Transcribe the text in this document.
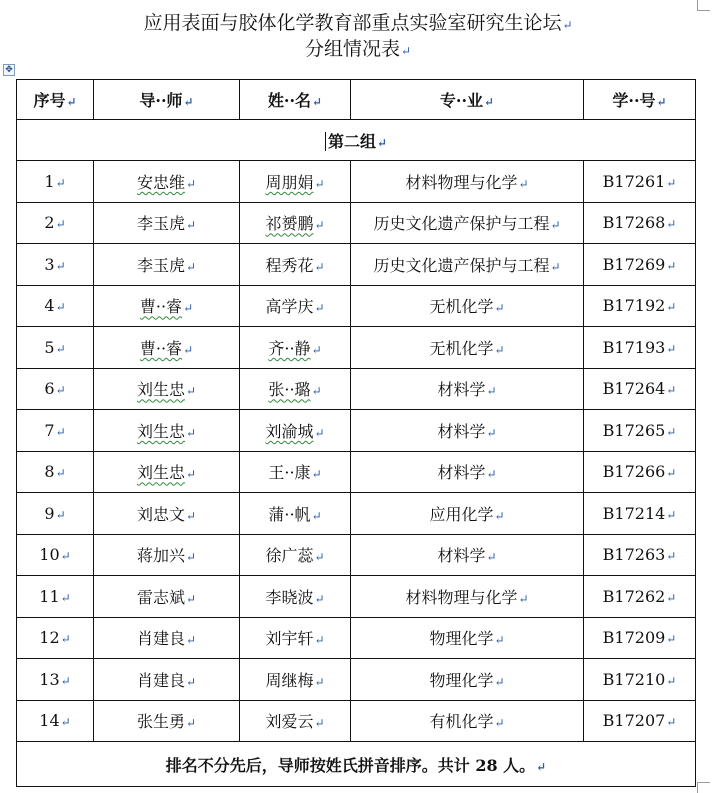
应用表面与胶体化学教育部重点实验室研究生论坛↵
分组情况表↵
✥
序号↵	导··师↵	姓··名↵	专··业↵	学··号↵
第二组↵				
1↵	安忠维↵	周朋娟↵	材料物理与化学↵	B17261↵
2↵	李玉虎↵	祁赟鹏↵	历史文化遗产保护与工程↵	B17268↵
3↵	李玉虎↵	程秀花↵	历史文化遗产保护与工程↵	B17269↵
4↵	曹··睿↵	高学庆↵	无机化学↵	B17192↵
5↵	曹··睿↵	齐··静↵	无机化学↵	B17193↵
6↵	刘生忠↵	张··璐↵	材料学↵	B17264↵
7↵	刘生忠↵	刘渝城↵	材料学↵	B17265↵
8↵	刘生忠↵	王··康↵	材料学↵	B17266↵
9↵	刘忠文↵	蒲··帆↵	应用化学↵	B17214↵
10↵	蒋加兴↵	徐广蕊↵	材料学↵	B17263↵
11↵	雷志斌↵	李晓波↵	材料物理与化学↵	B17262↵
12↵	肖建良↵	刘宇轩↵	物理化学↵	B17209↵
13↵	肖建良↵	周继梅↵	物理化学↵	B17210↵
14↵	张生勇↵	刘爱云↵	有机化学↵	B17207↵
排名不分先后，导师按姓氏拼音排序。共计 28 人。↵				
